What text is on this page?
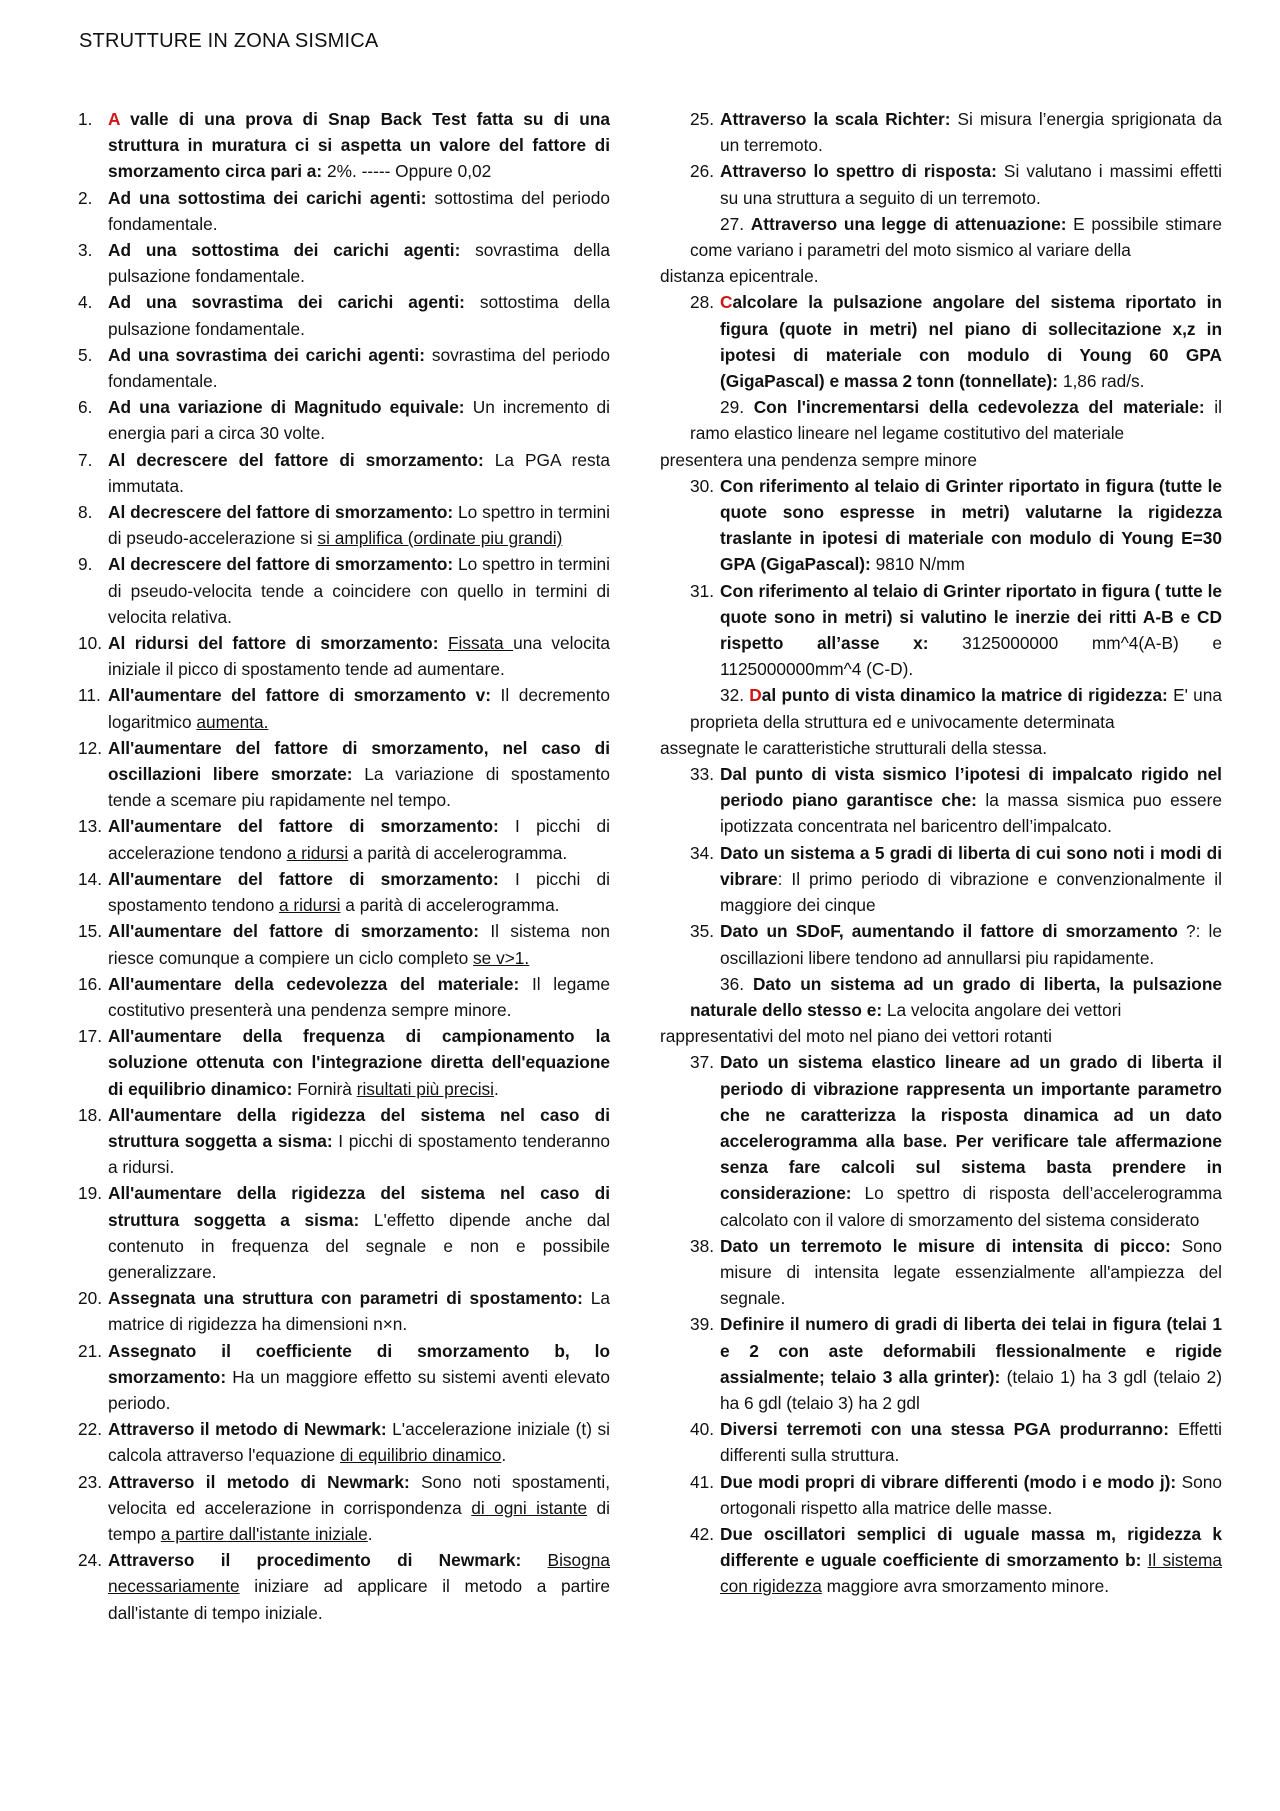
STRUTTURE IN ZONA SISMICA
1. A valle di una prova di Snap Back Test fatta su di una struttura in muratura ci si aspetta un valore del fattore di smorzamento circa pari a: 2%. ----- Oppure 0,02
2. Ad una sottostima dei carichi agenti: sottostima del periodo fondamentale.
3. Ad una sottostima dei carichi agenti: sovrastima della pulsazione fondamentale.
4. Ad una sovrastima dei carichi agenti: sottostima della pulsazione fondamentale.
5. Ad una sovrastima dei carichi agenti: sovrastima del periodo fondamentale.
6. Ad una variazione di Magnitudo equivale: Un incremento di energia pari a circa 30 volte.
7. Al decrescere del fattore di smorzamento: La PGA resta immutata.
8. Al decrescere del fattore di smorzamento: Lo spettro in termini di pseudo-accelerazione si si amplifica (ordinate piu grandi)
9. Al decrescere del fattore di smorzamento: Lo spettro in termini di pseudo-velocita tende a coincidere con quello in termini di velocita relativa.
10. Al ridursi del fattore di smorzamento: Fissata una velocita iniziale il picco di spostamento tende ad aumentare.
11. All'aumentare del fattore di smorzamento v: Il decremento logaritmico aumenta.
12. All'aumentare del fattore di smorzamento, nel caso di oscillazioni libere smorzate: La variazione di spostamento tende a scemare piu rapidamente nel tempo.
13. All'aumentare del fattore di smorzamento: I picchi di accelerazione tendono a ridursi a parità di accelerogramma.
14. All'aumentare del fattore di smorzamento: I picchi di spostamento tendono a ridursi a parità di accelerogramma.
15. All'aumentare del fattore di smorzamento: Il sistema non riesce comunque a compiere un ciclo completo se v>1.
16. All'aumentare della cedevolezza del materiale: Il legame costitutivo presenterà una pendenza sempre minore.
17. All'aumentare della frequenza di campionamento la soluzione ottenuta con l'integrazione diretta dell'equazione di equilibrio dinamico: Fornirà risultati più precisi.
18. All'aumentare della rigidezza del sistema nel caso di struttura soggetta a sisma: I picchi di spostamento tenderanno a ridursi.
19. All'aumentare della rigidezza del sistema nel caso di struttura soggetta a sisma: L'effetto dipende anche dal contenuto in frequenza del segnale e non e possibile generalizzare.
20. Assegnata una struttura con parametri di spostamento: La matrice di rigidezza ha dimensioni n×n.
21. Assegnato il coefficiente di smorzamento b, lo smorzamento: Ha un maggiore effetto su sistemi aventi elevato periodo.
22. Attraverso il metodo di Newmark: L'accelerazione iniziale (t) si calcola attraverso l'equazione di equilibrio dinamico.
23. Attraverso il metodo di Newmark: Sono noti spostamenti, velocita ed accelerazione in corrispondenza di ogni istante di tempo a partire dall'istante iniziale.
24. Attraverso il procedimento di Newmark: Bisogna necessariamente iniziare ad applicare il metodo a partire dall'istante di tempo iniziale.
25. Attraverso la scala Richter: Si misura l’energia sprigionata da un terremoto.
26. Attraverso lo spettro di risposta: Si valutano i massimi effetti su una struttura a seguito di un terremoto.
27. Attraverso una legge di attenuazione: E possibile stimare come variano i parametri del moto sismico al variare della
distanza epicentrale.
28. Calcolare la pulsazione angolare del sistema riportato in figura (quote in metri) nel piano di sollecitazione x,z in ipotesi di materiale con modulo di Young 60 GPA (GigaPascal) e massa 2 tonn (tonnellate): 1,86 rad/s.
29. Con l'incrementarsi della cedevolezza del materiale: il ramo elastico lineare nel legame costitutivo del materiale
presentera una pendenza sempre minore
30. Con riferimento al telaio di Grinter riportato in figura (tutte le quote sono espresse in metri) valutarne la rigidezza traslante in ipotesi di materiale con modulo di Young E=30 GPA (GigaPascal): 9810 N/mm
31. Con riferimento al telaio di Grinter riportato in figura ( tutte le quote sono in metri) si valutino le inerzie dei ritti A-B e CD rispetto all’asse x: 3125000000 mm^4(A-B) e 1125000000mm^4 (C-D).
32. Dal punto di vista dinamico la matrice di rigidezza: E' una proprieta della struttura ed e univocamente determinata
assegnate le caratteristiche strutturali della stessa.
33. Dal punto di vista sismico l’ipotesi di impalcato rigido nel periodo piano garantisce che: la massa sismica puo essere ipotizzata concentrata nel baricentro dell’impalcato.
34. Dato un sistema a 5 gradi di liberta di cui sono noti i modi di vibrare: Il primo periodo di vibrazione e convenzionalmente il maggiore dei cinque
35. Dato un SDoF, aumentando il fattore di smorzamento ?: le oscillazioni libere tendono ad annullarsi piu rapidamente.
36. Dato un sistema ad un grado di liberta, la pulsazione naturale dello stesso e: La velocita angolare dei vettori
rappresentativi del moto nel piano dei vettori rotanti
37. Dato un sistema elastico lineare ad un grado di liberta il periodo di vibrazione rappresenta un importante parametro che ne caratterizza la risposta dinamica ad un dato accelerogramma alla base. Per verificare tale affermazione senza fare calcoli sul sistema basta prendere in considerazione: Lo spettro di risposta dell’accelerogramma calcolato con il valore di smorzamento del sistema considerato
38. Dato un terremoto le misure di intensita di picco: Sono misure di intensita legate essenzialmente all'ampiezza del segnale.
39. Definire il numero di gradi di liberta dei telai in figura (telai 1 e 2 con aste deformabili flessionalmente e rigide assialmente; telaio 3 alla grinter): (telaio 1) ha 3 gdl (telaio 2) ha 6 gdl (telaio 3) ha 2 gdl
40. Diversi terremoti con una stessa PGA produrranno: Effetti differenti sulla struttura.
41. Due modi propri di vibrare differenti (modo i e modo j): Sono ortogonali rispetto alla matrice delle masse.
42. Due oscillatori semplici di uguale massa m, rigidezza k differente e uguale coefficiente di smorzamento b: Il sistema con rigidezza maggiore avra smorzamento minore.
